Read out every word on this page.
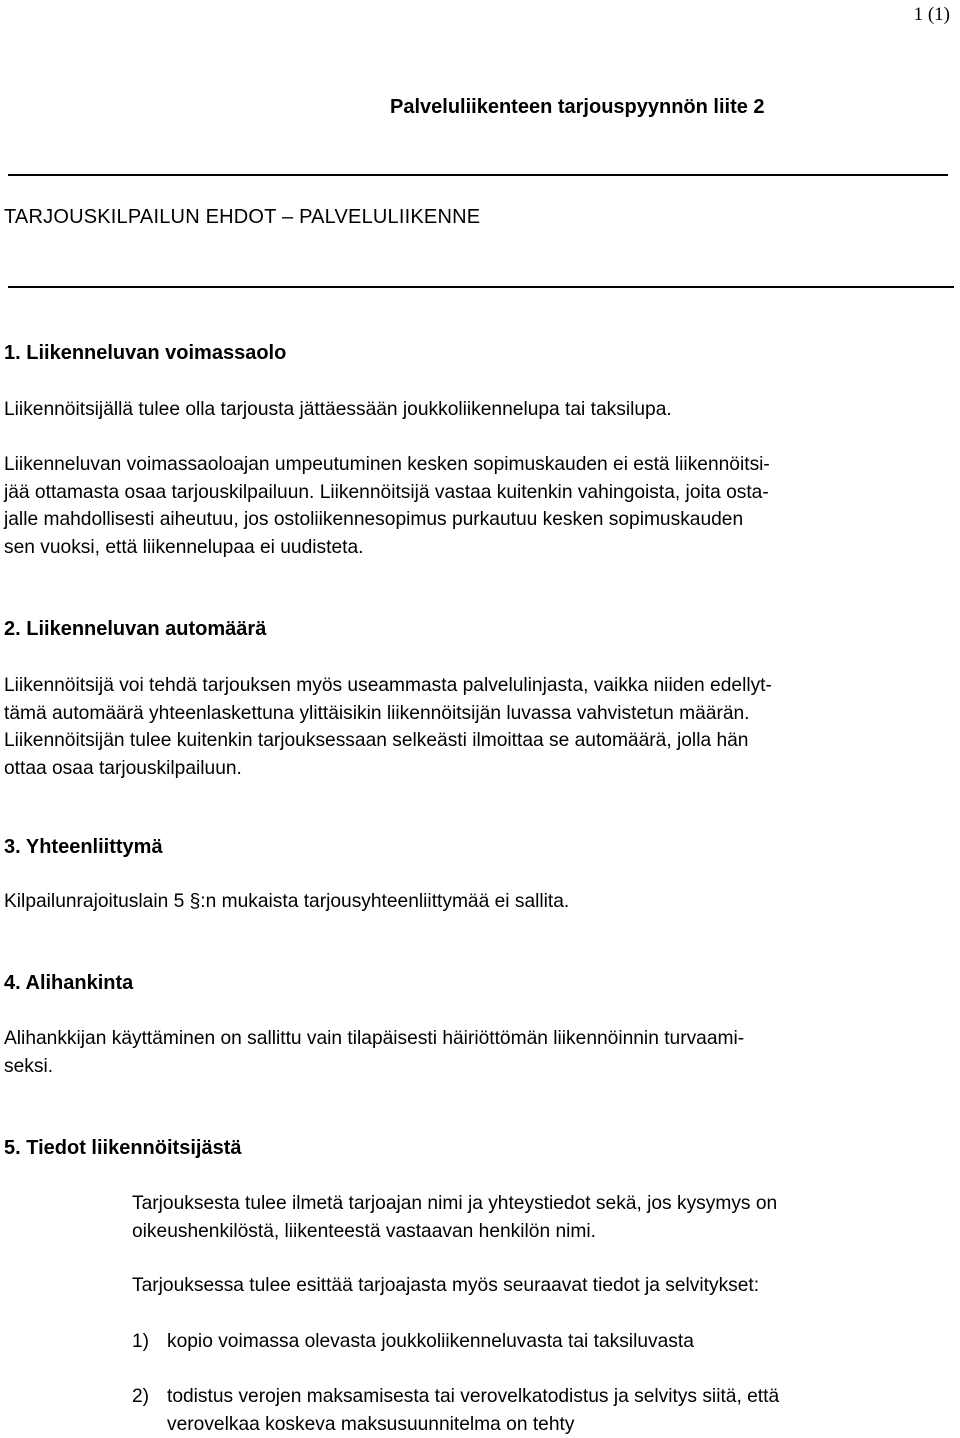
1 (1)
Palveluliikenteen tarjouspyynnön liite 2
TARJOUSKILPAILUN EHDOT – PALVELULIIKENNE
1. Liikenneluvan voimassaolo
Liikennöitsijällä tulee olla tarjousta jättäessään joukkoliikennelupa tai taksilupa.
Liikenneluvan voimassaoloajan umpeutuminen kesken sopimuskauden ei estä liikennöitsi-
jää ottamasta osaa tarjouskilpailuun. Liikennöitsijä vastaa kuitenkin vahingoista, joita osta-
jalle mahdollisesti aiheutuu, jos ostoliikennesopimus purkautuu kesken sopimuskauden
sen vuoksi, että liikennelupaa ei uudisteta.
2. Liikenneluvan automäärä
Liikennöitsijä voi tehdä tarjouksen myös useammasta palvelulinjasta, vaikka niiden edellyt-
tämä automäärä yhteenlaskettuna ylittäisikin liikennöitsijän luvassa vahvistetun määrän.
Liikennöitsijän tulee kuitenkin tarjouksessaan selkeästi ilmoittaa se automäärä, jolla hän
ottaa osaa tarjouskilpailuun.
3. Yhteenliittymä
Kilpailunrajoituslain 5 §:n mukaista tarjousyhteenliittymää ei sallita.
4. Alihankinta
Alihankkijan käyttäminen on sallittu vain tilapäisesti häiriöttömän liikennöinnin turvaami-
seksi.
5. Tiedot liikennöitsijästä
Tarjouksesta tulee ilmetä tarjoajan nimi ja yhteystiedot sekä, jos kysymys on
oikeushenkilöstä, liikenteestä vastaavan henkilön nimi.
Tarjouksessa tulee esittää tarjoajasta myös seuraavat tiedot ja selvitykset:
1) kopio voimassa olevasta joukkoliikenneluvasta tai taksiluvasta
2) todistus verojen maksamisesta tai verovelkatodistus ja selvitys siitä, että
verovelkaa koskeva maksusuunnitelma on tehty
